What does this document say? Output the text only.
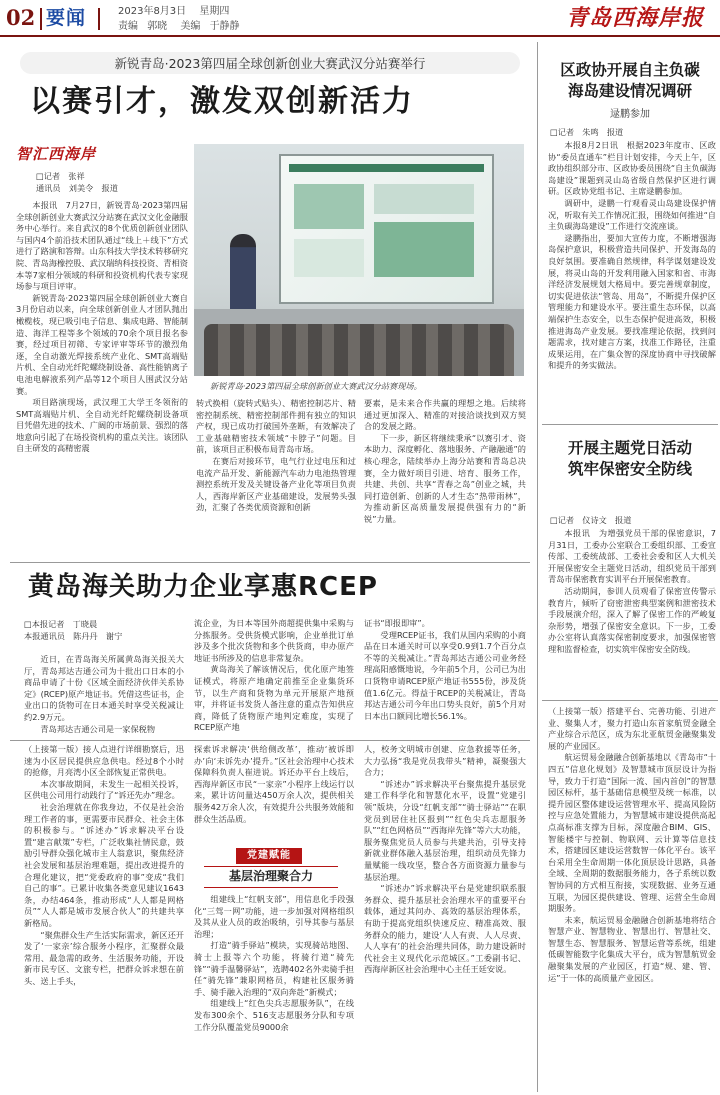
02 要闻	2023年8月3日 星期四
责编 郭晓 美编 于静静	青岛西海岸报
新锐青岛·2023第四届全球创新创业大赛武汉分站赛举行
以赛引才，激发双创新活力
智汇西海岸
□记者　张祥
通讯员　刘美令　报道
新锐青岛·2023第四届全球创新创业大赛武汉分站赛现场。

本报讯　7月27日，新锐青岛·2023第四届全球创新创业大赛武汉分站赛在武汉文化金融服务中心举行。来自武汉的8个优质创新创业团队与国内4个前沿技术团队通过“线上＋线下”方式进行了路演和答辩。山东科技大学技术转移研究院、青岛海橡控股、武汉瑞纳科技投资、青相资本等7家相分领域的科研和投资机构代表专家现场参与项目评审。

新锐青岛·2023第四届全球创新创业大赛自3月份启动以来，向全球创新创业人才团队抛出橄榄枝，现已吸引电子信息、集成电路、智能制造、海洋工程等多个领域的70余个项目报名参赛，经过项目初筛、专家评审等环节的激烈角逐，全自动激光焊接系统产业化、SMT高端贴片机、全自动光纤陀螺绕制设备、高性能钠离子电池电解液系列产品等12个项目人围武汉分站赛。

项目路演现场，武汉理工大学王冬领衔的SMT高端贴片机、全自动光纤陀螺绕制设备项目凭借先进的技术、广阔的市场前景、强烈的落地意向引起了在场投资机构的重点关注。该团队自主研发的高精密震

转式换相（旋转式贴头）、精密控制芯片、精密控制系统、精密控制部件拥有独立的知识产权，现已成功打破国外垄断，有效解决了工业基础精密技术领域“卡脖子”问题。目前，该项目正积极布局青岛市场。

在赛后对接环节，电气行业过电压和过电流产品开发、新能源汽车动力电池热管理测控系统开发及关键设备产业化等项目负责人，西海岸新区产业基础建设，发展势头强劲，汇聚了各类优质资源和创新

要素，是未来合作共赢的理想之地。后续将通过更加深入、精准的对接洽谈找到双方契合的发展之路。

下一步，新区将继续秉承“以赛引才、资本助力、深度孵化、落地服务、产融融通”的核心理念，陆续举办上海分站赛和青岛总决赛，全力做好项目引进、培育、服务工作，共建、共创、共享“青春之岛”创业之城，共同打造创新、创新的人才生态“热带雨林”，为推动新区高质量发展提供强有力的“新锐”力量。

黄岛海关助力企业享惠RCEP
□本报记者　丁晓晨
本报通讯员　陈丹丹　谢宁

近日，在青岛海关所属黄岛海关报关大厅，青岛邦达吉通公司为十批出口日本的小商品申请了十份《区域全面经济伙伴关系协定》(RCEP)原产地证书。凭借这些证书，企业出口的货物可在日本通关时享受关税减让约2.9万元。

青岛邦达吉通公司是一家保税物

流企业，为日本等国外商超提供集中采购与分拣服务。受供货模式影响，企业单批订单涉及多个批次货物和多个供货商，申办原产地证书所涉及的信息非常复杂。

黄岛海关了解该情况后，优化原产地签证模式，将原产地确定前推至企业集货环节，以生产商和货物为单元开展原产地预审，并将证书发货人备注意的重点告知供应商，降低了货物原产地判定难度，实现了RCEP原产地

证书“即报即审”。

受理RCEP证书，我们从国内采购的小商品在日本通关时可以享受0.9到1.7个百分点不等的关税减让。”青岛邦达吉通公司业务经理高阳感慨地说，今年前5个月，公司已为出口货物申请RCEP原产地证书555份，涉及货值1.6亿元。得益于RCEP的关税减让，青岛邦达吉通公司今年出口势头良好，前5个月对日本出口额同比增长56.1%。

（上接第一版）接人点进行详细勘察后，迅速为小区居民提供应急供电。经过8个小时的抢修，月亮湾小区全部恢复正常供电。

本次事故期间，未发生一起相关投诉，区供电公司用行动践行了“诉还先办”理念。

社会治理就在你我身边，不仅是社会治理工作者的事，更需要市民群众、社会主体的积极参与。“诉述办”诉求解决平台设置“建言献策”专栏，广泛收集社情民意，鼓励引导群众强化城市主人翁意识，聚焦经济社会发展和基层治理难题，提出改进提升的合理化建议，把“党委政府的事”变成“我们自己的事”。已累计收集各类意见建议1643条，办结464条，推动形成“人人都是网格员”“人人都是城市发展合伙人”的共建共享新格局。

“聚焦群众生产生活实际需求，新区还开发了‘一家亲’综合服务小程序，汇聚群众最常用、最急需的政务、生活服务功能，开设新市民专区、文旅专栏，把群众诉求想在前头、送上手头，

探索诉求解决‘供给侧改革’，推动‘被诉即办’向‘未诉先办’提升。”区社会治理中心技术保障科负责人崔进说。诉还办平台上线后，西海岸新区市民“一家亲”小程序上线运行以来，累计访问量达450万余人次，提供相关服务42万余人次，有效提升公共服务效能和群众生活品质。

党建赋能
基层治理聚合力

组建线上“红帆支部”，用信息化手段强化“三驾一网”功能，进一步加强对网格组织及其从业人员的政治吸纳，引导其参与基层治理；

打造“骑手驿站”模块，实现骑站地图、骑士上报等六个功能，将骑行道“骑先锋”“骑手温馨驿站”，选聘402名外卖骑手担任“骑先锋”兼职网格员，构建社区服务骑手、骑手融入治理的“双向奔赴”新模式；

组建线上“红色尖兵志愿服务队”，在线发布300余个、516支志愿服务分队和专项工作分队覆盖党员9000余

人，校务文明城市创建、应急救援等任务，大力弘扬“我是党员我带头”精神，凝聚强大合力；

“诉述办”诉求解决平台聚焦提升基层党建工作科学化和智慧化水平，设置“党建引领”版块，分设“红帆支部”“骑士驿站”“在职党员到居住社区报到”“红色尖兵志愿服务队”“红色网格员”“西海岸先锋”等六大功能，服务聚焦党员人员参与共建共治，引导支持新就业群体融入基层治理，组织动员先锋力量赋能一线攻坚，整合各方面资源力量参与基层治理。

“诉述办”诉求解决平台是党建织联系服务群众、提升基层社会治理水平的重要平台载体，通过其问办、高效的基层治理体系，有助于提高党组织快速反应、精准高效、服务群众的能力，建设‘人人有责、人人尽责、人人享有’的社会治理共同体，助力建设新时代社会主义现代化示范城区。”工委副书记、西海岸新区社会治理中心主任王廷安说。

区政协开展自主负碳
海岛建设情况调研
逯鹏参加
□记者　朱鸣　报道

本报8月2日讯　根据2023年度市、区政协“委员直通车”栏目计划安排，今天上午，区政协组织部分市、区政协委员围绕“自主负碳海岛建设”课题到灵山岛省级自然保护区进行调研。区政协党组书记、主席逯鹏参加。

调研中，逯鹏一行观看灵山岛建设保护情况，听取有关工作情况汇报，围绕如何推进“自主负碳海岛建设”工作进行交流座谈。

逯鹏指出，要加大宣传力度，不断增强海岛保护意识，积极营造共同保护、开发海岛的良好氛围。要准确自然规律，科学谋划建设发展，将灵山岛的开发利用融入国家和省、市海洋经济发展规划大格局中。要完善规章制度，切实促进依法“管岛、用岛”，不断提升保护区管理能力和建设水平。要注重生态环保，以高端保护生态安全，以生态保护促进高效，积极推进海岛产业发展。要找准理论依据，找到问题需求，找对建言方案，找准工作路径，注重成果运用，在广集众智的深度协商中寻找破解和提升的务实做法。

开展主题党日活动
筑牢保密安全防线
□记者　仪诗文　报道

本报讯　为增强党员干部的保密意识，7月31日，工委办公室联合工委组织部、工委宣传部、工委统战部、工委社会委和区人大机关开展保密安全主题党日活动，组织党员干部到青岛市保密教育实训平台开展保密教育。

活动期间，参训人员观看了保密宣传警示教育片，倾听了窃密泄密典型案例和泄密技术手段展演介绍，深入了解了保密工作的严峻复杂形势，增强了保密安全意识。下一步，工委办公室将认真落实保密制度要求，加强保密管理和监督检查，切实筑牢保密安全防线。

（上接第一版）搭建平台、完善功能、引进产业、聚集人才，聚力打造山东首家航贸金融全产业综合示范区，成为东北亚航贸金融聚集发展的产业园区。

航运贸易金融融合创新基地以《青岛市“十四五”信息化规划》及智慧城市顶层设计为指导，致力于打造“国际一流、国内首创”的智慧园区标杆，基于基础信息模型及统一标准，以提升园区整体建设运营管理水平、提高风险防控与应急处置能力，为智慧城市建设提供高起点高标准支撑为目标，深度融合BIM、GIS、智能楼宇与控制、物联网、云计算等信息技术，搭建园区建设运营数智一体化平台。该平台采用全生命周期一体化顶层设计思路，具备全域、全周期的数据服务能力，各子系统以数智协同的方式相互衔接，实现数据、业务互通互联，为园区提供建设、管理、运营全生命周期服务。

未来，航运贸易金融融合创新基地将结合智慧产业、智慧物业、智慧出行、智慧社交、智慧生态、智慧服务、智慧运营等系统，组建低碳智能数字化集成大平台，成为智慧航贸金融聚集发展的产业园区，打造“规、建、管、运”于一体的高质量产业园区。
